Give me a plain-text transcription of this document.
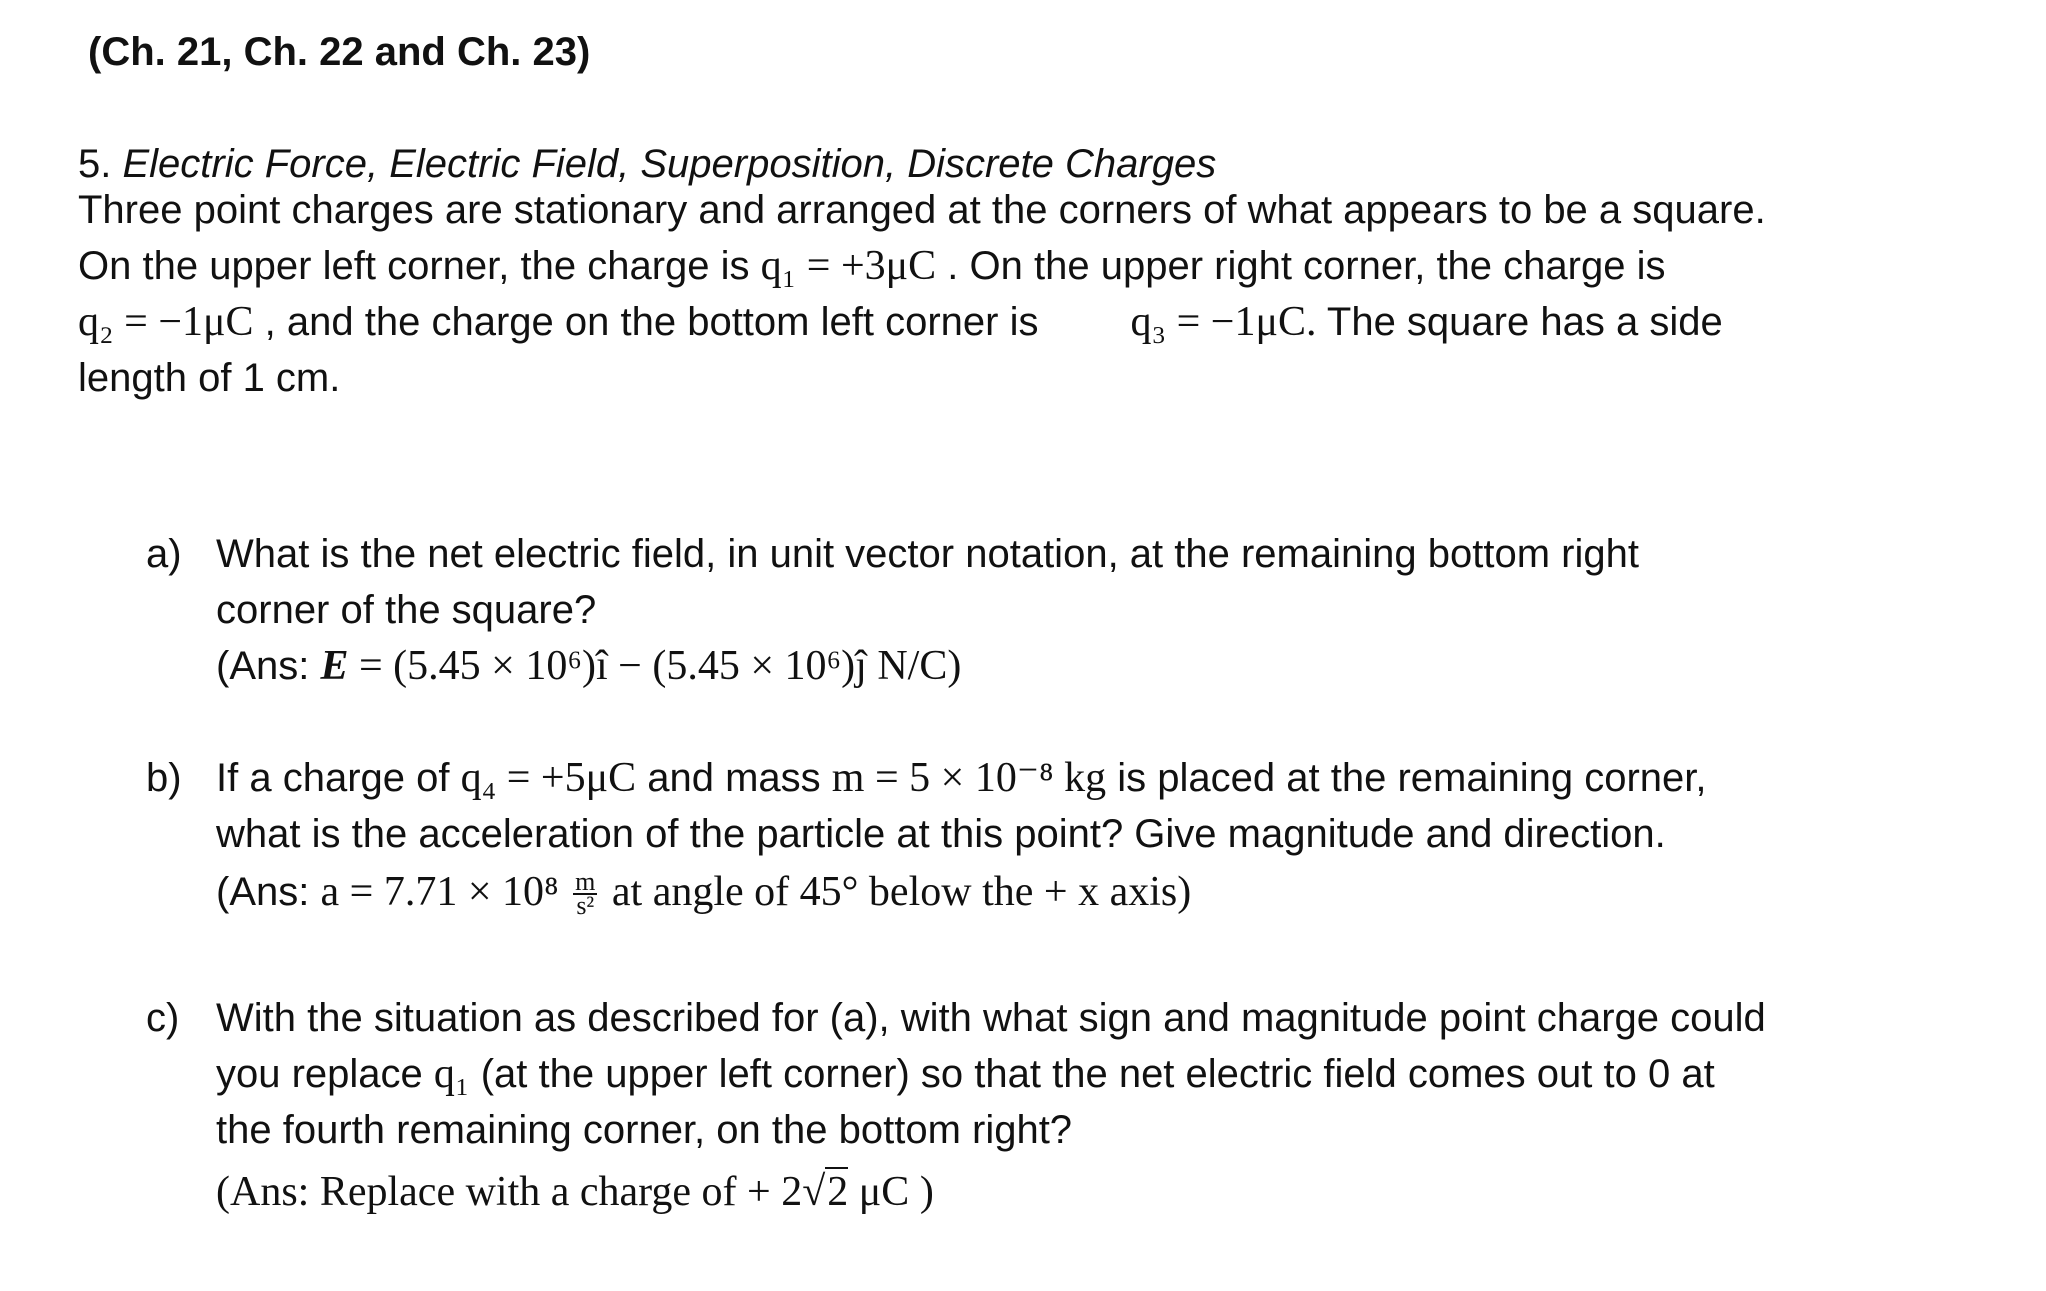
(Ch. 21, Ch. 22 and Ch. 23)
5. Electric Force, Electric Field, Superposition, Discrete Charges
Three point charges are stationary and arranged at the corners of what appears to be a square.
On the upper left corner, the charge is q₁ = +3μC . On the upper right corner, the charge is
q₂ = −1μC , and the charge on the bottom left corner is q₃ = −1μC. The square has a side
length of 1 cm.
a) What is the net electric field, in unit vector notation, at the remaining bottom right
corner of the square?
(Ans: E = (5.45 × 10⁶)î − (5.45 × 10⁶)ĵ N/C)
b) If a charge of q₄ = +5μC and mass m = 5 × 10⁻⁸ kg is placed at the remaining corner,
what is the acceleration of the particle at this point? Give magnitude and direction.
(Ans: $a = 7.71 \times 10^8 \frac{m}{\text{s²}}$ at angle of 45° below the + x axis)
c) With the situation as described for (a), with what sign and magnitude point charge could
you replace q₁ (at the upper left corner) so that the net electric field comes out to 0 at
the fourth remaining corner, on the bottom right?
(Ans: Replace with a charge of + 2√2 μC )
